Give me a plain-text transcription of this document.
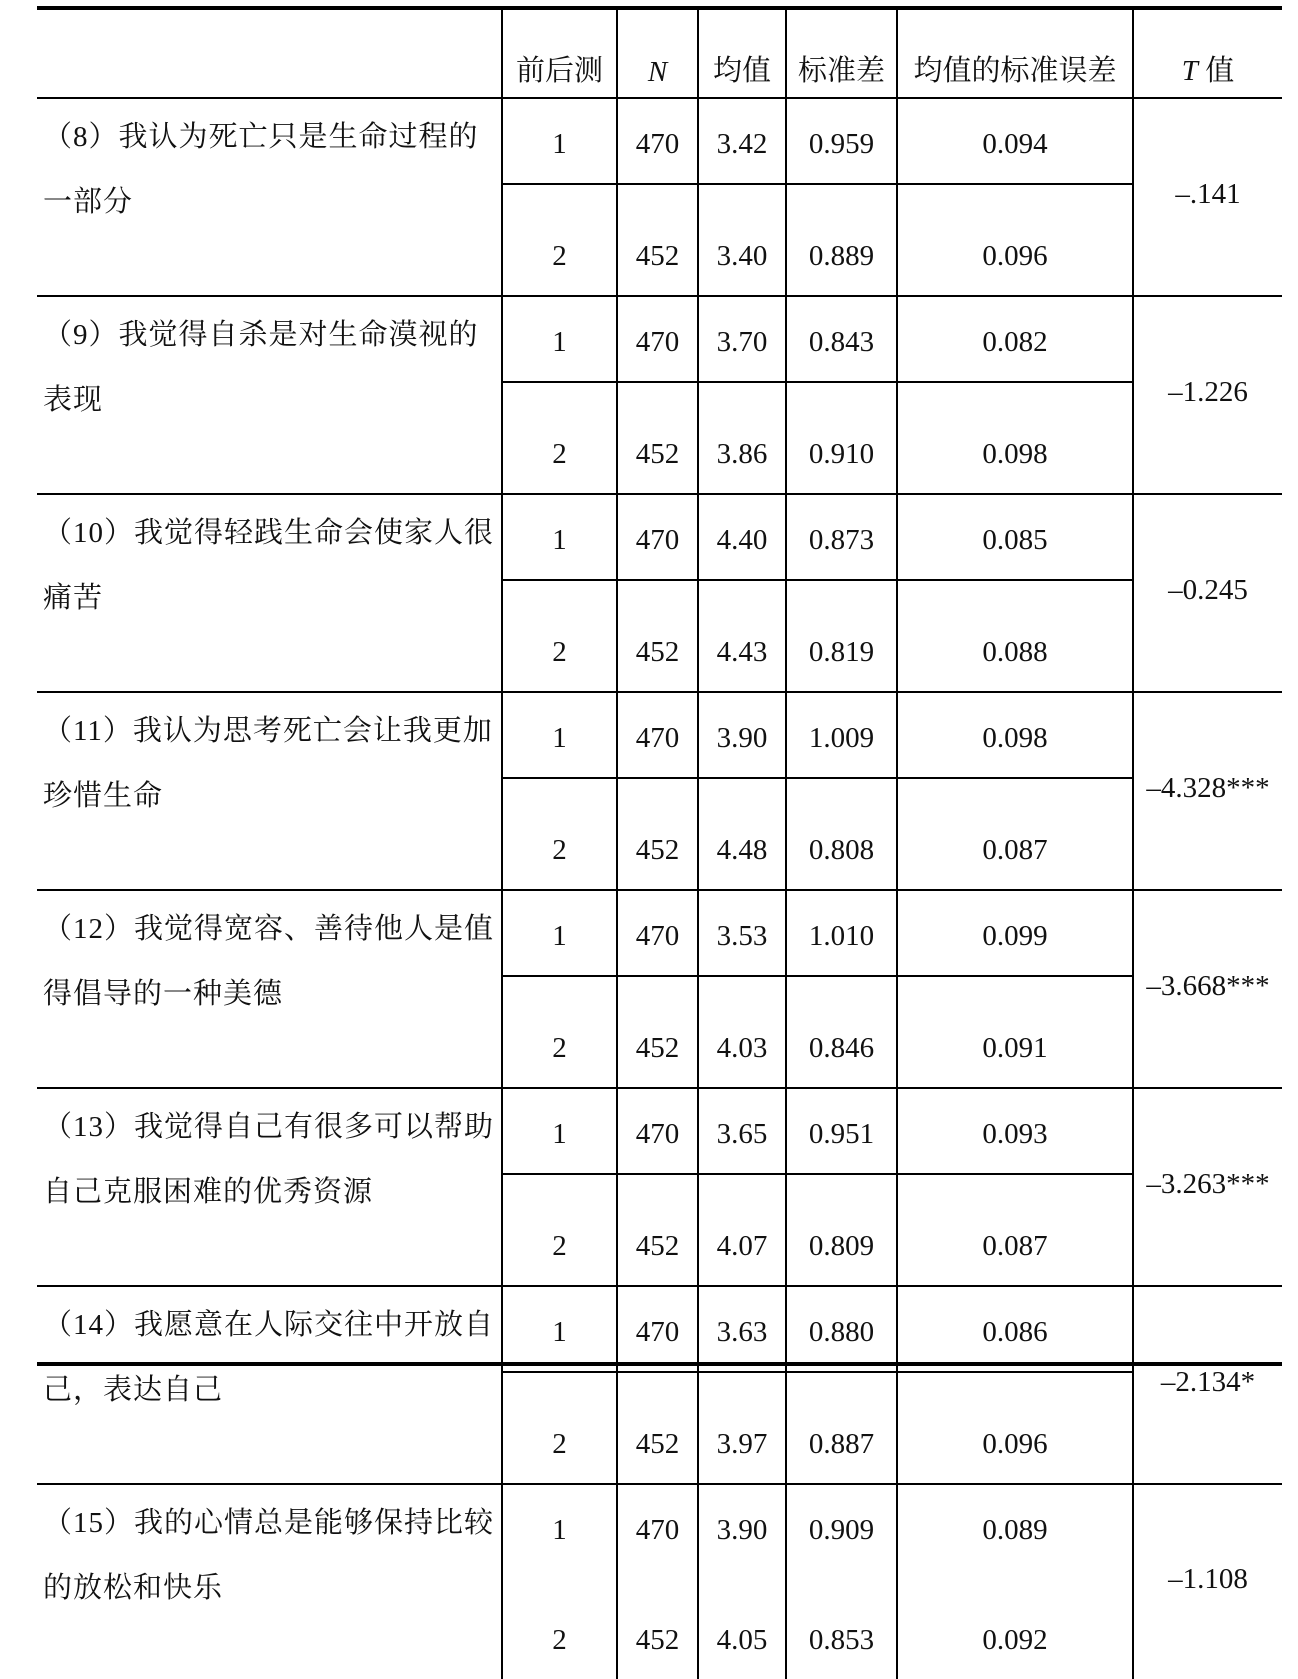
	前后测	N	均值	标准差	均值的标准误差	T 值
（8）我认为死亡只是生命过程的一部分	1	470	3.42	0.959	0.094	–.141
	2	452	3.40	0.889	0.096	
（9）我觉得自杀是对生命漠视的表现	1	470	3.70	0.843	0.082	–1.226
	2	452	3.86	0.910	0.098	
（10）我觉得轻践生命会使家人很痛苦	1	470	4.40	0.873	0.085	–0.245
	2	452	4.43	0.819	0.088	
（11）我认为思考死亡会让我更加珍惜生命	1	470	3.90	1.009	0.098	–4.328***
	2	452	4.48	0.808	0.087	
（12）我觉得宽容、善待他人是值得倡导的一种美德	1	470	3.53	1.010	0.099	–3.668***
	2	452	4.03	0.846	0.091	
（13）我觉得自己有很多可以帮助自己克服困难的优秀资源	1	470	3.65	0.951	0.093	–3.263***
	2	452	4.07	0.809	0.087	
（14）我愿意在人际交往中开放自己，表达自己	1	470	3.63	0.880	0.086	–2.134*
	2	452	3.97	0.887	0.096	
（15）我的心情总是能够保持比较的放松和快乐	1	470	3.90	0.909	0.089	–1.108
	2	452	4.05	0.853	0.092	
